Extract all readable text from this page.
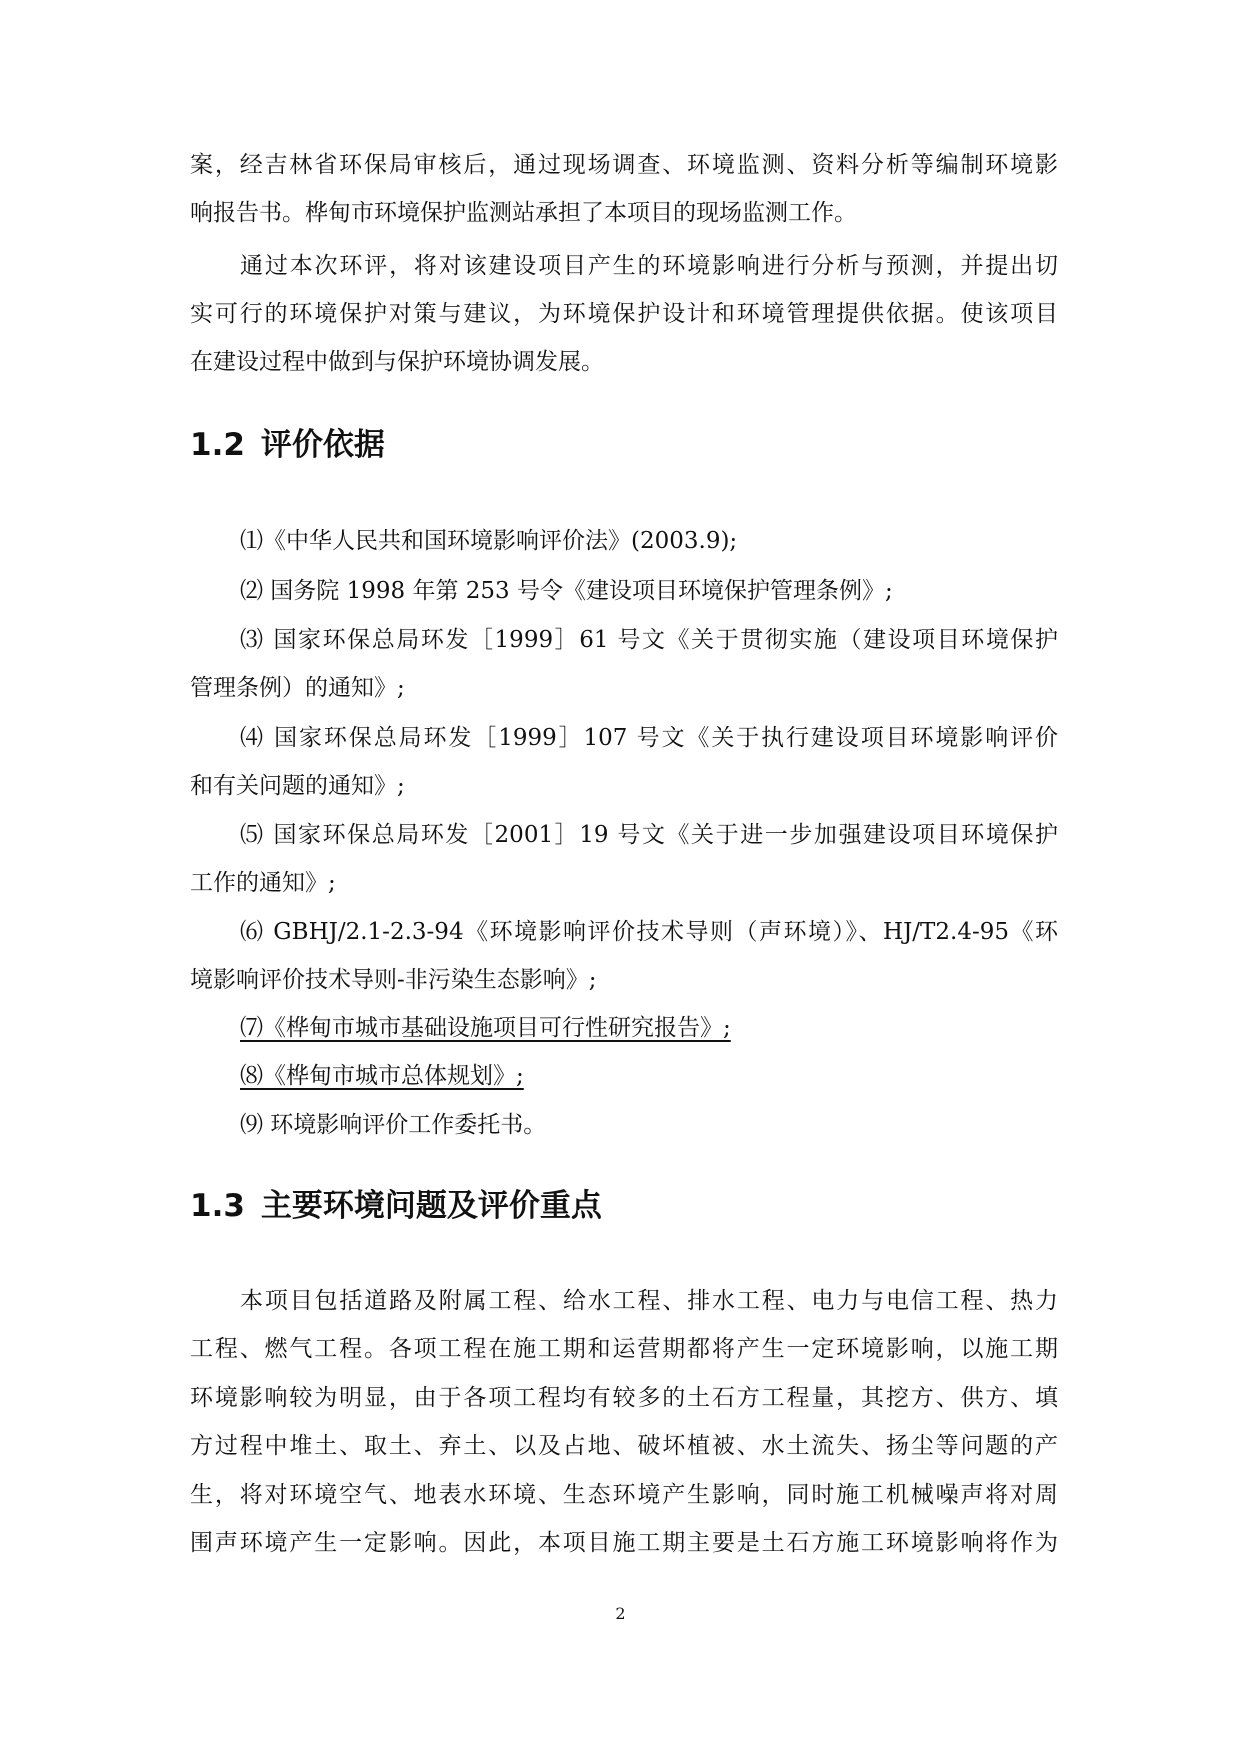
案，经吉林省环保局审核后，通过现场调查、环境监测、资料分析等编制环境影
响报告书。桦甸市环境保护监测站承担了本项目的现场监测工作。
通过本次环评，将对该建设项目产生的环境影响进行分析与预测，并提出切
实可行的环境保护对策与建议，为环境保护设计和环境管理提供依据。使该项目
在建设过程中做到与保护环境协调发展。
1.2 评价依据
⑴《中华人民共和国环境影响评价法》(2003.9);
⑵ 国务院 1998 年第 253 号令《建设项目环境保护管理条例》;
⑶ 国家环保总局环发［1999］61 号文《关于贯彻实施（建设项目环境保护
管理条例）的通知》;
⑷ 国家环保总局环发［1999］107 号文《关于执行建设项目环境影响评价
和有关问题的通知》;
⑸ 国家环保总局环发［2001］19 号文《关于进一步加强建设项目环境保护
工作的通知》;
⑹ GBHJ/2.1-2.3-94《环境影响评价技术导则（声环境）》、HJ/T2.4-95《环
境影响评价技术导则-非污染生态影响》;
⑺《桦甸市城市基础设施项目可行性研究报告》;
⑻《桦甸市城市总体规划》;
⑼ 环境影响评价工作委托书。
1.3 主要环境问题及评价重点
本项目包括道路及附属工程、给水工程、排水工程、电力与电信工程、热力
工程、燃气工程。各项工程在施工期和运营期都将产生一定环境影响，以施工期
环境影响较为明显，由于各项工程均有较多的土石方工程量，其挖方、供方、填
方过程中堆土、取土、弃土、以及占地、破坏植被、水土流失、扬尘等问题的产
生，将对环境空气、地表水环境、生态环境产生影响，同时施工机械噪声将对周
围声环境产生一定影响。因此，本项目施工期主要是土石方施工环境影响将作为
2
